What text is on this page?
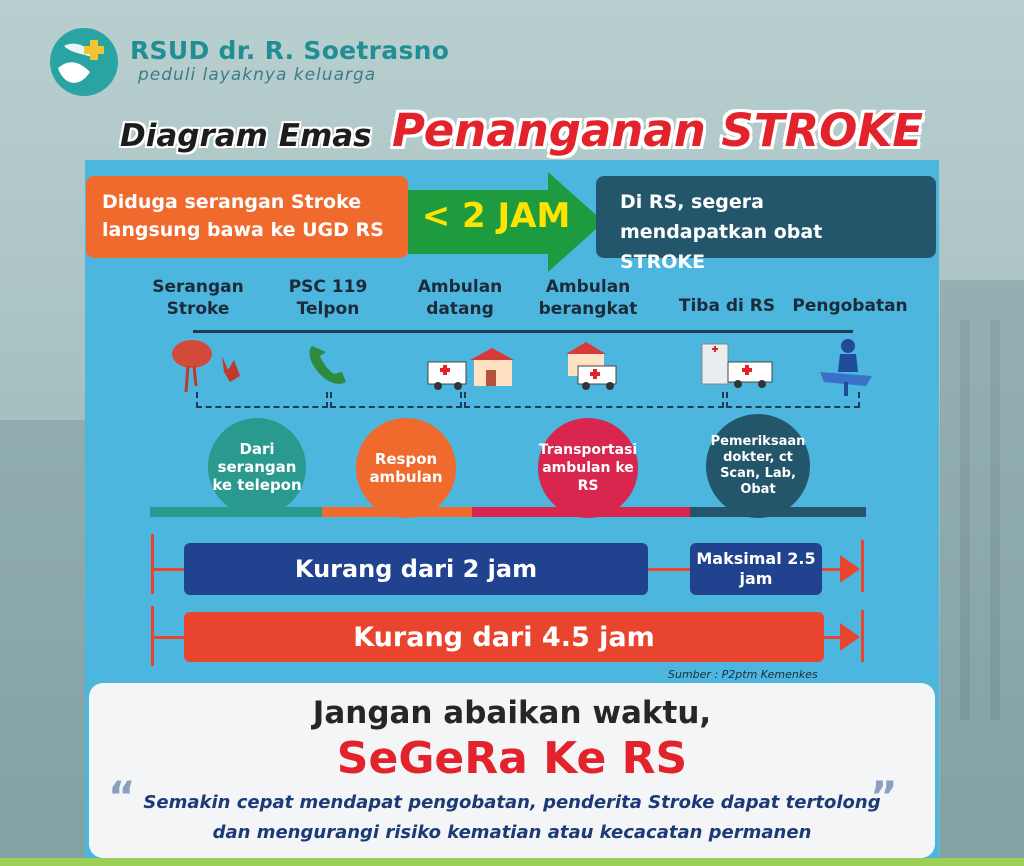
RSUD dr. R. Soetrasno
peduli layaknya keluarga
Diagram Emas Penanganan STROKE
Diduga serangan Stroke langsung bawa ke UGD RS	< 2 JAM	Di RS, segera mendapatkan obat STROKE
Serangan Stroke
PSC 119 Telpon
Ambulan datang
Ambulan berangkat	Tiba di RS	Pengobatan
Dari serangan ke telepon
Respon ambulan
Transportasi ambulan ke RS
Pemeriksaan dokter, ct Scan, Lab, Obat
Kurang dari 2 jam	Maksimal 2.5 jam
Kurang dari 4.5 jam
Sumber : P2ptm Kemenkes
Jangan abaikan waktu,
SeGeRa Ke RS
“ Semakin cepat mendapat pengobatan, penderita Stroke dapat tertolong
dan mengurangi risiko kematian atau kecacatan permanen
”
